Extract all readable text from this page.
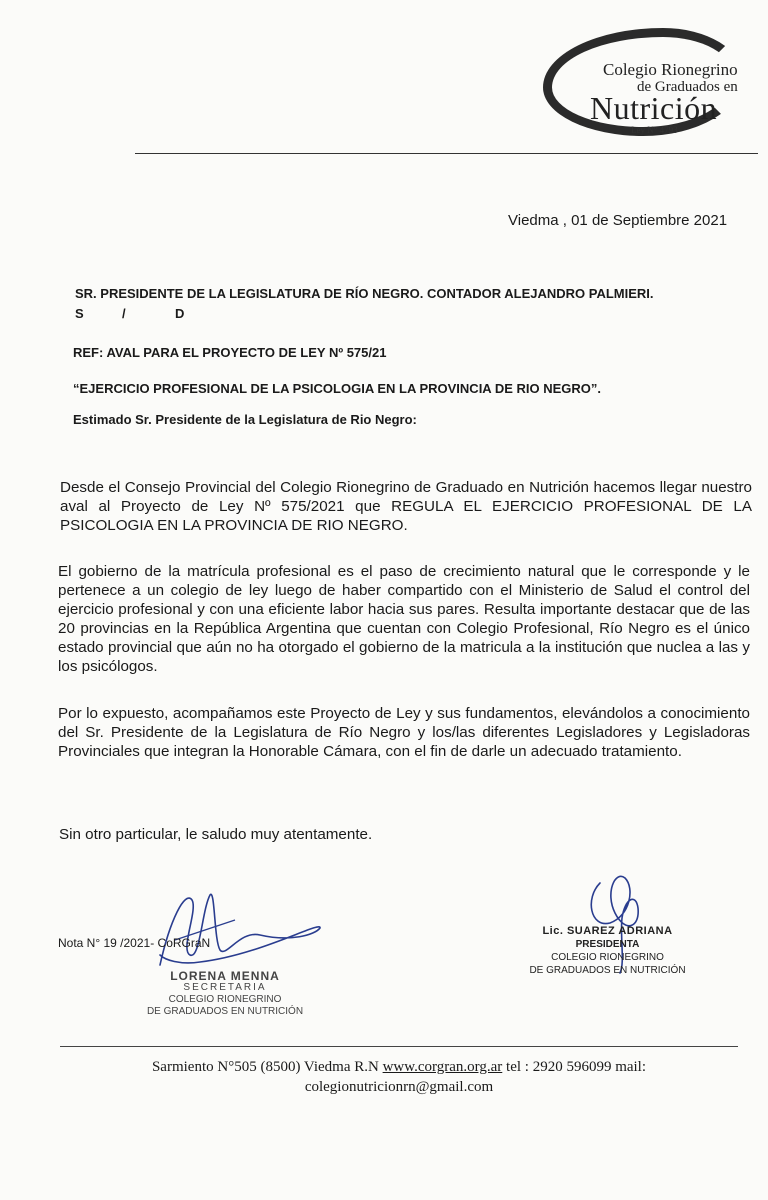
Colegio Rionegrino
de Graduados en
Nutrición
Ley N° 4793
Viedma , 01 de Septiembre 2021
SR. PRESIDENTE DE LA LEGISLATURA DE RÍO NEGRO. CONTADOR ALEJANDRO PALMIERI.
S	/	D
REF: AVAL PARA EL PROYECTO DE LEY Nº 575/21
“EJERCICIO PROFESIONAL DE LA PSICOLOGIA EN LA PROVINCIA DE RIO NEGRO”.
Estimado Sr. Presidente de la Legislatura de Rio Negro:
Desde el Consejo Provincial del Colegio Rionegrino de Graduado en Nutrición hacemos llegar nuestro aval al Proyecto de Ley Nº 575/2021 que REGULA EL EJERCICIO PROFESIONAL DE LA PSICOLOGIA EN LA PROVINCIA DE RIO NEGRO.
El gobierno de la matrícula profesional es el paso de crecimiento natural que le corresponde y le pertenece a un colegio de ley luego de haber compartido con el Ministerio de Salud el control del ejercicio profesional y con una eficiente labor hacia sus pares. Resulta importante destacar que de las 20 provincias en la República Argentina que cuentan con Colegio Profesional, Río Negro es el único estado provincial que aún no ha otorgado el gobierno de la matricula a la institución que nuclea a las y los psicólogos.
Por lo expuesto, acompañamos este Proyecto de Ley y sus fundamentos, elevándolos a conocimiento del Sr. Presidente de la Legislatura de Río Negro y los/las diferentes Legisladores y Legisladoras Provinciales que integran la Honorable Cámara, con el fin de darle un adecuado tratamiento.
Sin otro particular, le saludo muy atentamente.
Nota N° 19 /2021- CoRGraN
LORENA MENNA
SECRETARIA
COLEGIO RIONEGRINO
DE GRADUADOS EN NUTRICIÓN
Lic. SUAREZ ADRIANA
PRESIDENTA
COLEGIO RIONEGRINO
DE GRADUADOS EN NUTRICIÓN
Sarmiento N°505 (8500) Viedma R.N www.corgran.org.ar tel : 2920 596099 mail:
colegionutricionrn@gmail.com
